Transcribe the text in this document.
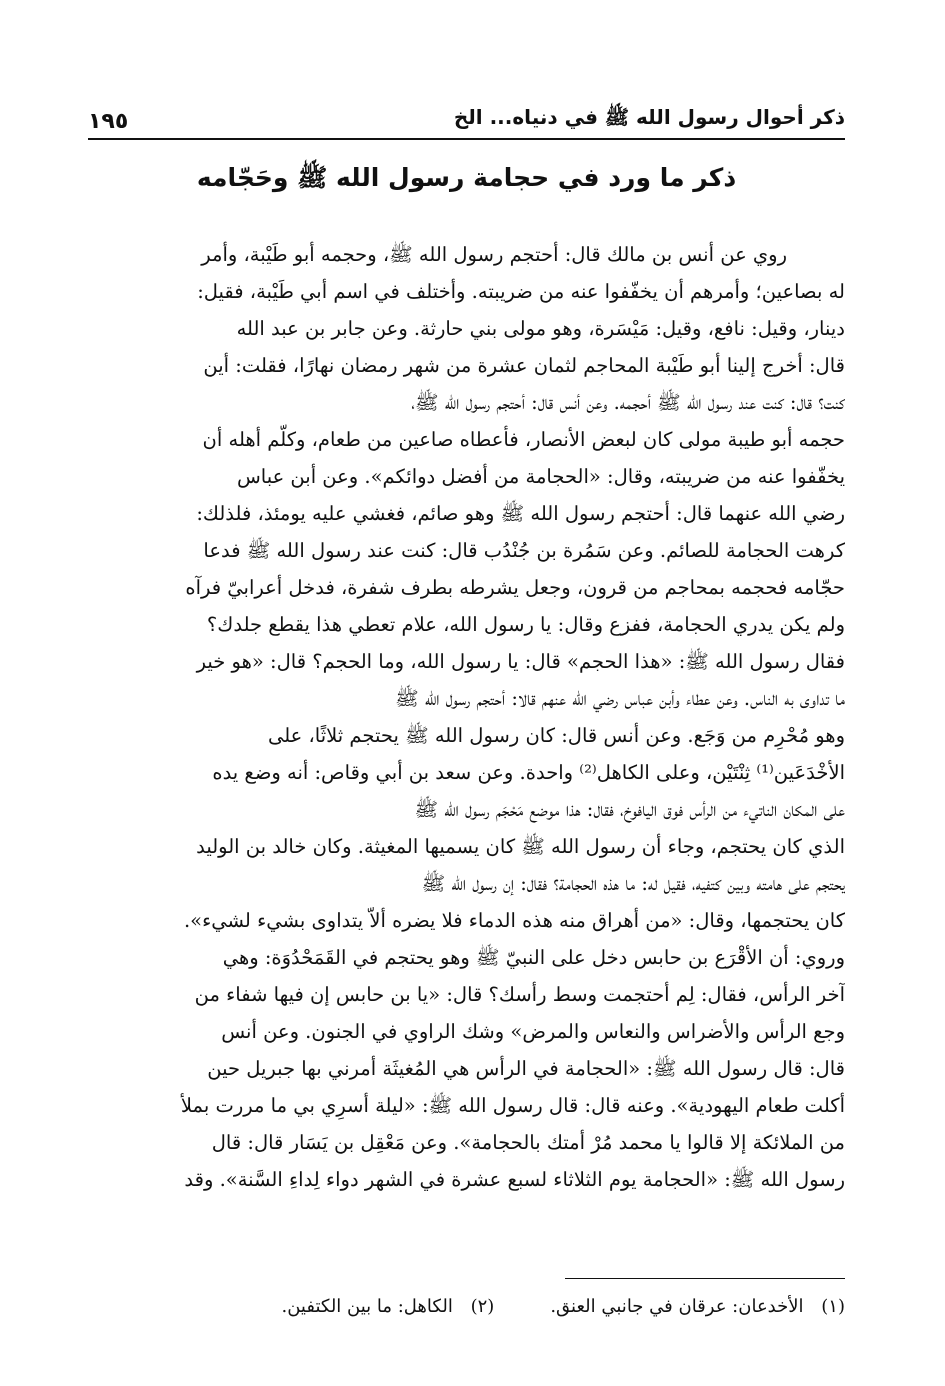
ذكر أحوال رسول الله ﷺ في دنياه... الخ
١٩٥
ذكر ما ورد في حجامة رسول الله ﷺ وحَجّامه
روي عن أنس بن مالك قال: أحتجم رسول الله ﷺ، وحجمه أبو طَيْبة، وأمر
له بصاعين؛ وأمرهم أن يخفّفوا عنه من ضريبته. وأختلف في اسم أبي طَيْبة، فقيل:
دينار، وقيل: نافع، وقيل: مَيْسَرة، وهو مولى بني حارثة. وعن جابر بن عبد الله
قال: أخرج إلينا أبو طَيْبة المحاجم لثمان عشرة من شهر رمضان نهارًا، فقلت: أين
كنت؟ قال: كنت عند رسول الله ﷺ أحجمه. وعن أنس قال: أحتجم رسول الله ﷺ،
حجمه أبو طيبة مولى كان لبعض الأنصار، فأعطاه صاعين من طعام، وكلّم أهله أن
يخفّفوا عنه من ضريبته، وقال: «الحجامة من أفضل دوائكم». وعن أبن عباس
رضي الله عنهما قال: أحتجم رسول الله ﷺ وهو صائم، فغشي عليه يومئذ، فلذلك:
كرهت الحجامة للصائم. وعن سَمُرة بن جُنْدُب قال: كنت عند رسول الله ﷺ فدعا
حجّامه فحجمه بمحاجم من قرون، وجعل يشرطه بطرف شفرة، فدخل أعرابيّ فرآه
ولم يكن يدري الحجامة، ففزع وقال: يا رسول الله، علام تعطي هذا يقطع جلدك؟
فقال رسول الله ﷺ: «هذا الحجم» قال: يا رسول الله، وما الحجم؟ قال: «هو خير
ما تداوى به الناس. وعن عطاء وأبن عباس رضي الله عنهم قالا: أحتجم رسول الله ﷺ
وهو مُحْرِم من وَجَع. وعن أنس قال: كان رسول الله ﷺ يحتجم ثلاثًا، على
الأخْدَعَين⁽¹⁾ ثِنْتَيْن، وعلى الكاهل⁽²⁾ واحدة. وعن سعد بن أبي وقاص: أنه وضع يده
على المكان الناتيء من الرأس فوق اليافوخ، فقال: هذا موضع مَحْجَم رسول الله ﷺ
الذي كان يحتجم، وجاء أن رسول الله ﷺ كان يسميها المغيثة. وكان خالد بن الوليد
يحتجم على هامته وبين كتفيه، فقيل له: ما هذه الحجامة؟ فقال: إن رسول الله ﷺ
كان يحتجمها، وقال: «من أهراق منه هذه الدماء فلا يضره ألاّ يتداوى بشيء لشيء».
وروي: أن الأقْرَع بن حابس دخل على النبيّ ﷺ وهو يحتجم في القَمَحْدُوَة: وهي
آخر الرأس، فقال: لِم أحتجمت وسط رأسك؟ قال: «يا بن حابس إن فيها شفاء من
وجع الرأس والأضراس والنعاس والمرض» وشك الراوي في الجنون. وعن أنس
قال: قال رسول الله ﷺ: «الحجامة في الرأس هي المُغيثَة أمرني بها جبريل حين
أكلت طعام اليهودية». وعنه قال: قال رسول الله ﷺ: «ليلة أسرِي بي ما مررت بملأ
من الملائكة إلا قالوا يا محمد مُرْ أمتك بالحجامة». وعن مَعْقِل بن يَسَار قال: قال
رسول الله ﷺ: «الحجامة يوم الثلاثاء لسبع عشرة في الشهر دواء لِداءِ السَّنة». وقد
(١) الأخدعان: عرقان في جانبي العنق.
(٢) الكاهل: ما بين الكتفين.
